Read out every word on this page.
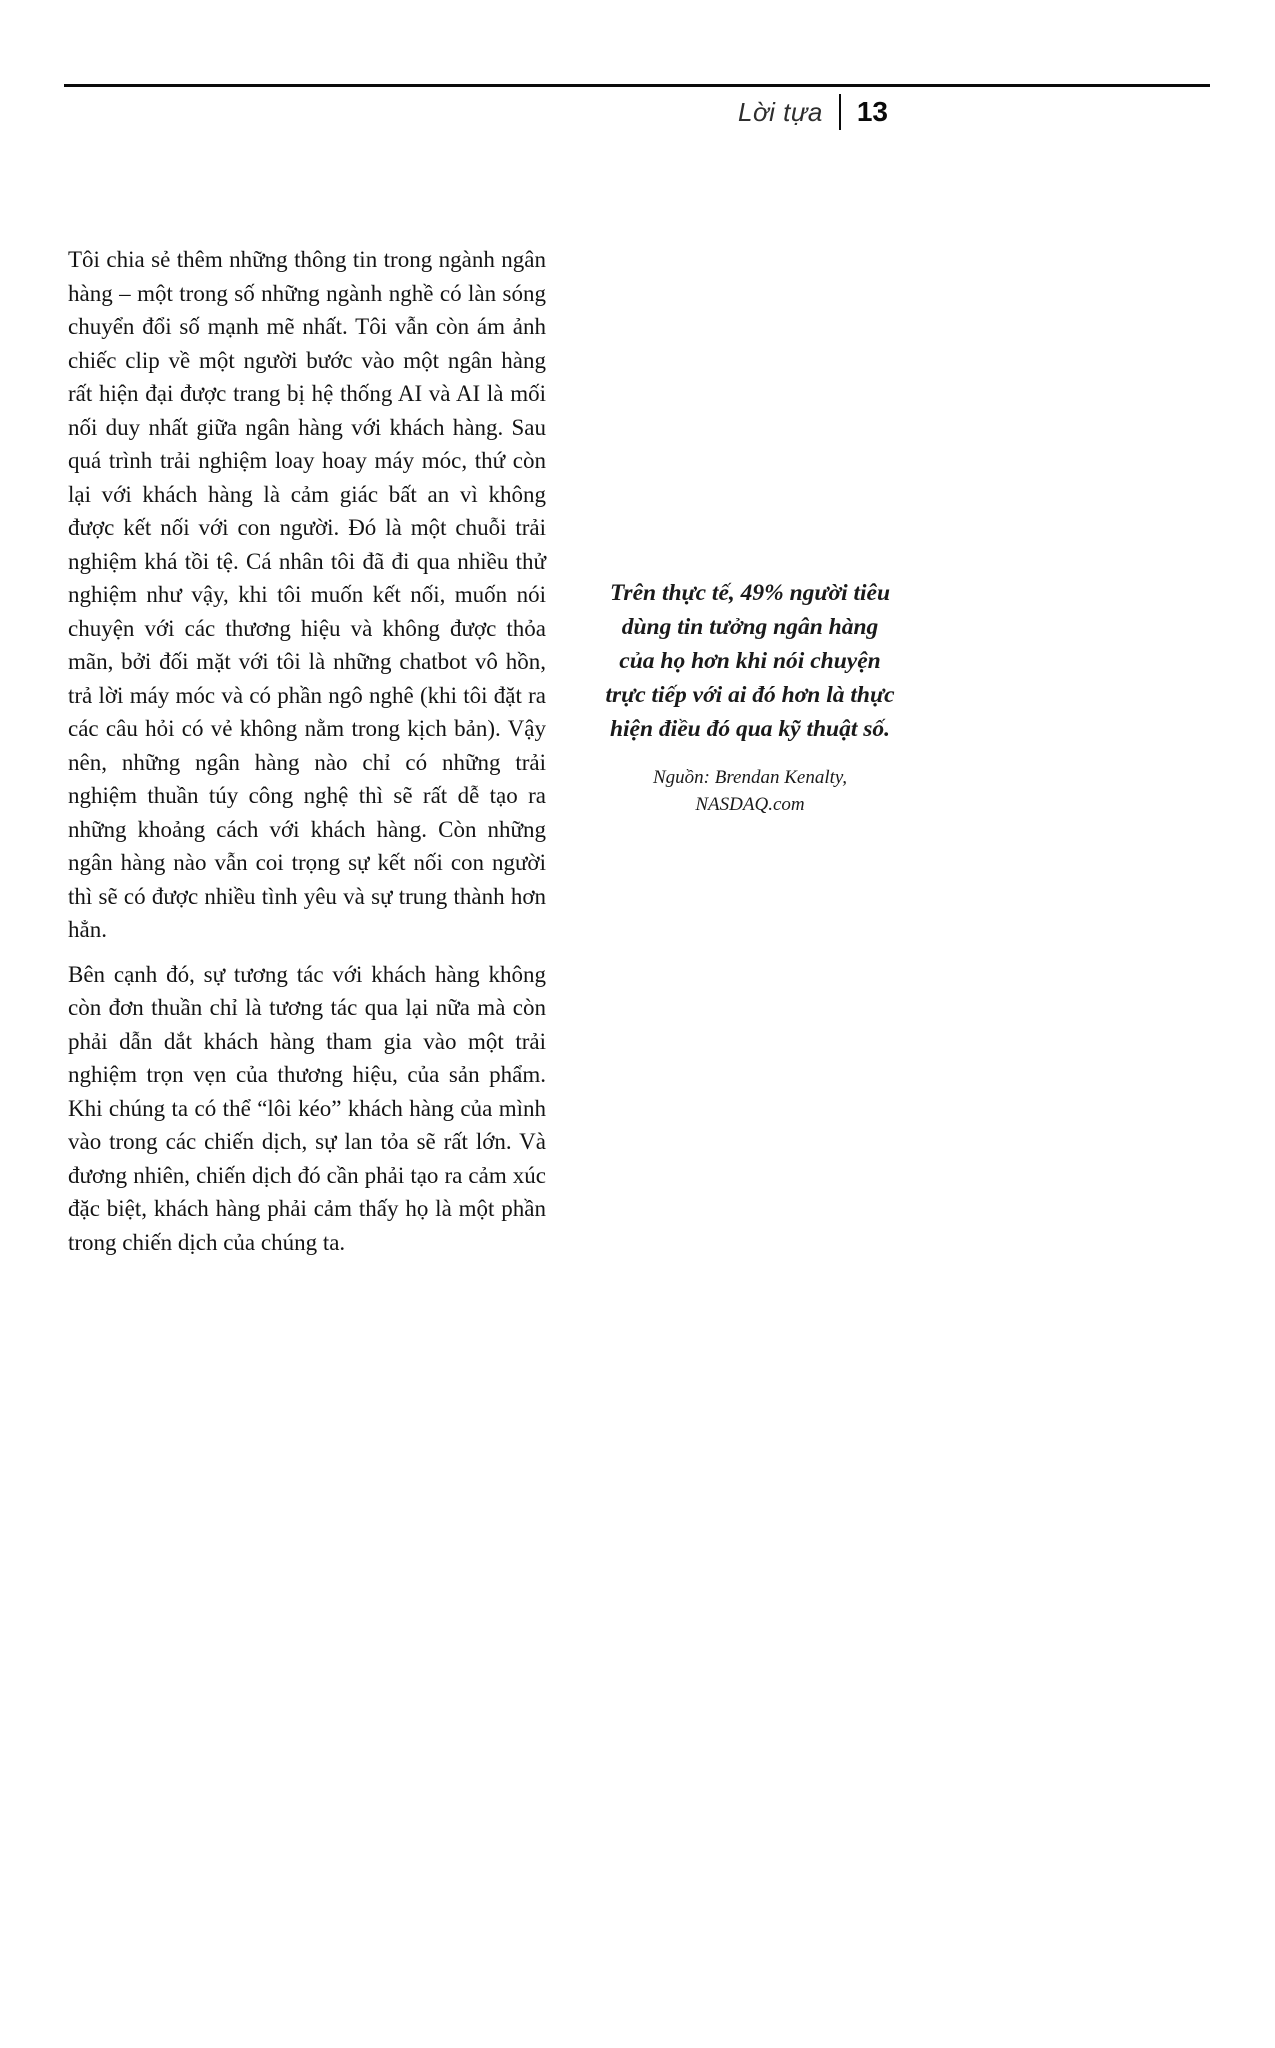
Lời tựa 13

Tôi chia sẻ thêm những thông tin trong ngành ngân hàng – một trong số những ngành nghề có làn sóng chuyển đổi số mạnh mẽ nhất. Tôi vẫn còn ám ảnh chiếc clip về một người bước vào một ngân hàng rất hiện đại được trang bị hệ thống AI và AI là mối nối duy nhất giữa ngân hàng với khách hàng. Sau quá trình trải nghiệm loay hoay máy móc, thứ còn lại với khách hàng là cảm giác bất an vì không được kết nối với con người. Đó là một chuỗi trải nghiệm khá tồi tệ. Cá nhân tôi đã đi qua nhiều thử nghiệm như vậy, khi tôi muốn kết nối, muốn nói chuyện với các thương hiệu và không được thỏa mãn, bởi đối mặt với tôi là những chatbot vô hồn, trả lời máy móc và có phần ngô nghê (khi tôi đặt ra các câu hỏi có vẻ không nằm trong kịch bản). Vậy nên, những ngân hàng nào chỉ có những trải nghiệm thuần túy công nghệ thì sẽ rất dễ tạo ra những khoảng cách với khách hàng. Còn những ngân hàng nào vẫn coi trọng sự kết nối con người thì sẽ có được nhiều tình yêu và sự trung thành hơn hẳn.

Bên cạnh đó, sự tương tác với khách hàng không còn đơn thuần chỉ là tương tác qua lại nữa mà còn phải dẫn dắt khách hàng tham gia vào một trải nghiệm trọn vẹn của thương hiệu, của sản phẩm. Khi chúng ta có thể “lôi kéo” khách hàng của mình vào trong các chiến dịch, sự lan tỏa sẽ rất lớn. Và đương nhiên, chiến dịch đó cần phải tạo ra cảm xúc đặc biệt, khách hàng phải cảm thấy họ là một phần trong chiến dịch của chúng ta.

Trên thực tế, 49% người tiêu dùng tin tưởng ngân hàng của họ hơn khi nói chuyện trực tiếp với ai đó hơn là thực hiện điều đó qua kỹ thuật số.
Nguồn: Brendan Kenalty, NASDAQ.com
